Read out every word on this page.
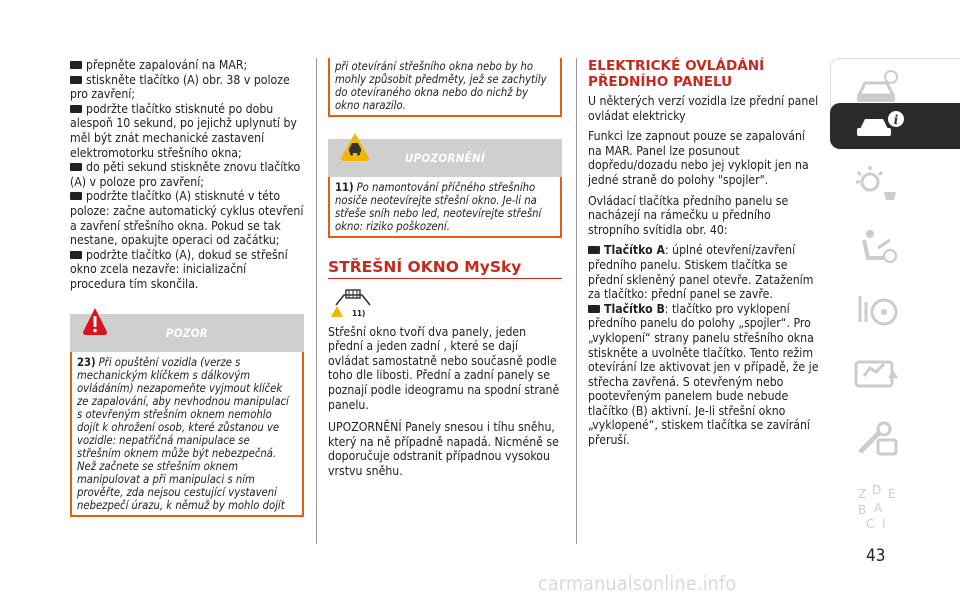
přepněte zapalování na MAR;

stiskněte tlačítko (A) obr. 38 v poloze pro zavření;

podržte tlačítko stisknuté po dobu alespoň 10 sekund, po jejichž uplynutí by měl být znát mechanické zastavení elektromotorku střešního okna;

do pěti sekund stiskněte znovu tlačítko (A) v poloze pro zavření;

podržte tlačítko (A) stisknuté v této poloze: začne automatický cyklus otevření a zavření střešního okna. Pokud se tak nestane, opakujte operaci od začátku;

podržte tlačítko (A), dokud se střešní okno zcela nezavře: inicializační procedura tím skončila.

POZOR
23) Při opuštění vozidla (verze s mechanickým klíčkem s dálkovým ovládáním) nezapomeňte vyjmout klíček ze zapalování, aby nevhodnou manipulací s otevřeným střešním oknem nemohlo dojít k ohrožení osob, které zůstanou ve vozidle: nepatřičná manipulace se střešním oknem může být nebezpečná. Než začnete se střešním oknem manipulovat a při manipulaci s ním prověřte, zda nejsou cestující vystaveni nebezpečí úrazu, k němuž by mohlo dojít
při otevírání střešního okna nebo by ho mohly způsobit předměty, jež se zachytily do otevíraného okna nebo do nichž by okno narazilo.
UPOZORNĚNÍ
11) Po namontování příčného střešního nosiče neotevírejte střešní okno. Je-li na střeše sníh nebo led, neotevírejte střešní okno: riziko poškození.
STŘEŠNÍ OKNO MySky
11)

Střešní okno tvoří dva panely, jeden přední a jeden zadní , které se dají ovládat samostatně nebo současně podle toho dle libosti. Přední a zadní panely se poznají podle ideogramu na spodní straně panelu.

UPOZORNĚNÍ Panely snesou i tíhu sněhu, který na ně případně napadá. Nicméně se doporučuje odstranit případnou vysokou vrstvu sněhu.

ELEKTRICKÉ OVLÁDÁNÍ
PŘEDNÍHO PANELU

U některých verzí vozidla lze přední panel ovládat elektricky

Funkci lze zapnout pouze se zapalování na MAR. Panel lze posunout dopředu/dozadu nebo jej vyklopit jen na jedné straně do polohy "spojler".

Ovládací tlačítka předního panelu se nacházejí na rámečku u předního stropního svítidla obr. 40:

Tlačítko A: úplné otevření/zavření předního panelu. Stiskem tlačítka se přední skleněný panel otevře. Zatažením za tlačítko: přední panel se zavře.

Tlačítko B: tlačítko pro vyklopení předního panelu do polohy „spojler“. Pro „vyklopení“ strany panelu střešního okna stiskněte a uvolněte tlačítko. Tento režim otevírání lze aktivovat jen v případě, že je střecha zavřená. S otevřeným nebo pootevřeným panelem bude nebude tlačítko (B) aktivní. Je-li střešní okno „vyklopené“, stiskem tlačítka se zavírání přeruší.

i
Z D E
B A
C I
43
carmanualsonline.info
